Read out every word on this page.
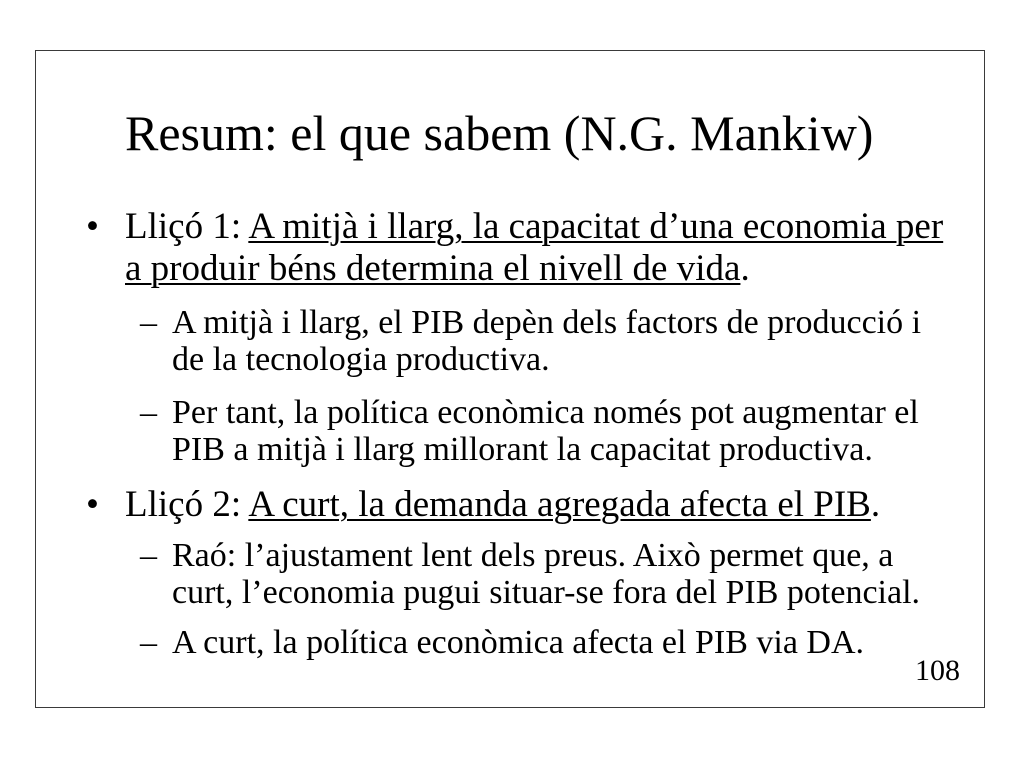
Resum: el que sabem (N.G. Mankiw)
• Lliçó 1: A mitjà i llarg, la capacitat d’una economia per a produir béns determina el nivell de vida.
– A mitjà i llarg, el PIB depèn dels factors de producció i de la tecnologia productiva.
– Per tant, la política econòmica només pot augmentar el PIB a mitjà i llarg millorant la capacitat productiva.
• Lliçó 2: A curt, la demanda agregada afecta el PIB.
– Raó: l’ajustament lent dels preus. Això permet que, a curt, l’economia pugui situar-se fora del PIB potencial.
– A curt, la política econòmica afecta el PIB via DA.
108
